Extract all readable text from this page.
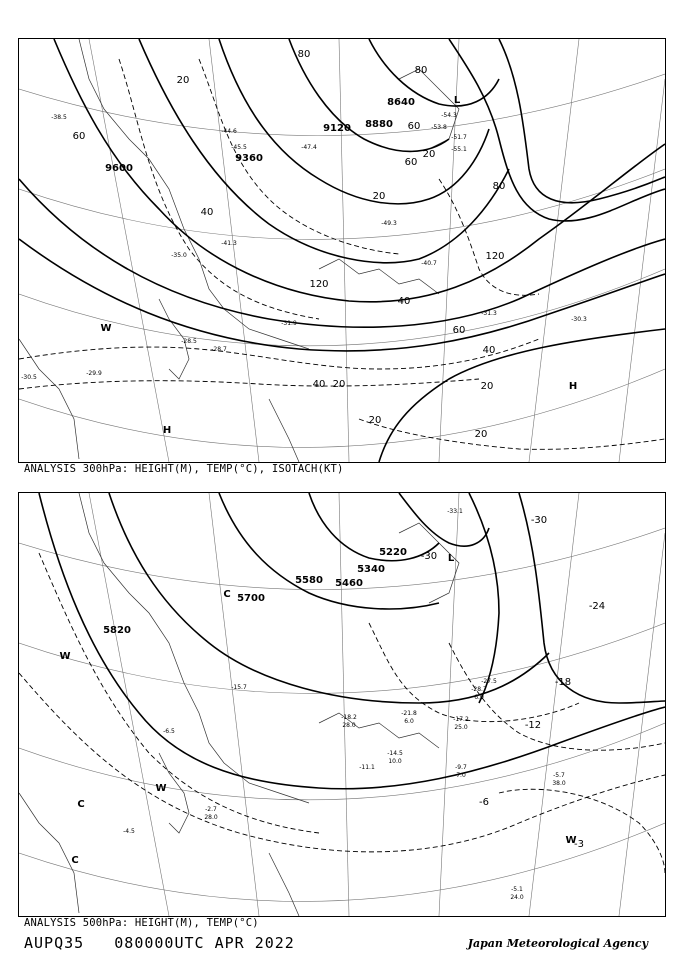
9600
9360
9120 8880
8640
20
40
60
80
120
20
40
60
80
20
20
40
60
80
120
60
40
20
20
20
H
H
L
W
-30.5
-29.9
-28.7
-28.5
-31.9
-35.0
-41.3
-44.6
-47.4
-51.7
-53.8
-55.1
-54.3
-49.3
-40.7
-31.3
-30.3
-38.5
-45.5
ANALYSIS 300hPa: HEIGHT(M), TEMP(°C), ISOTACH(KT)
5820
5700
5580 5460
5340
5220
-30
-24
-18
-12
-6
-3
-30 L
C
C
C
W
W
W
-5.1
24.0
-9.7
7.0	-5.7
38.0
-2.7
28.0
-14.5
10.0
-18.2
28.0
-21.8
6.0	-17.2
25.0
-27.5
-28.7
6.0
-33.1
-4.5
-6.5
-15.7
-11.1
ANALYSIS 500hPa: HEIGHT(M), TEMP(°C)
AUPQ35 080000UTC APR 2022	Japan Meteorological Agency
